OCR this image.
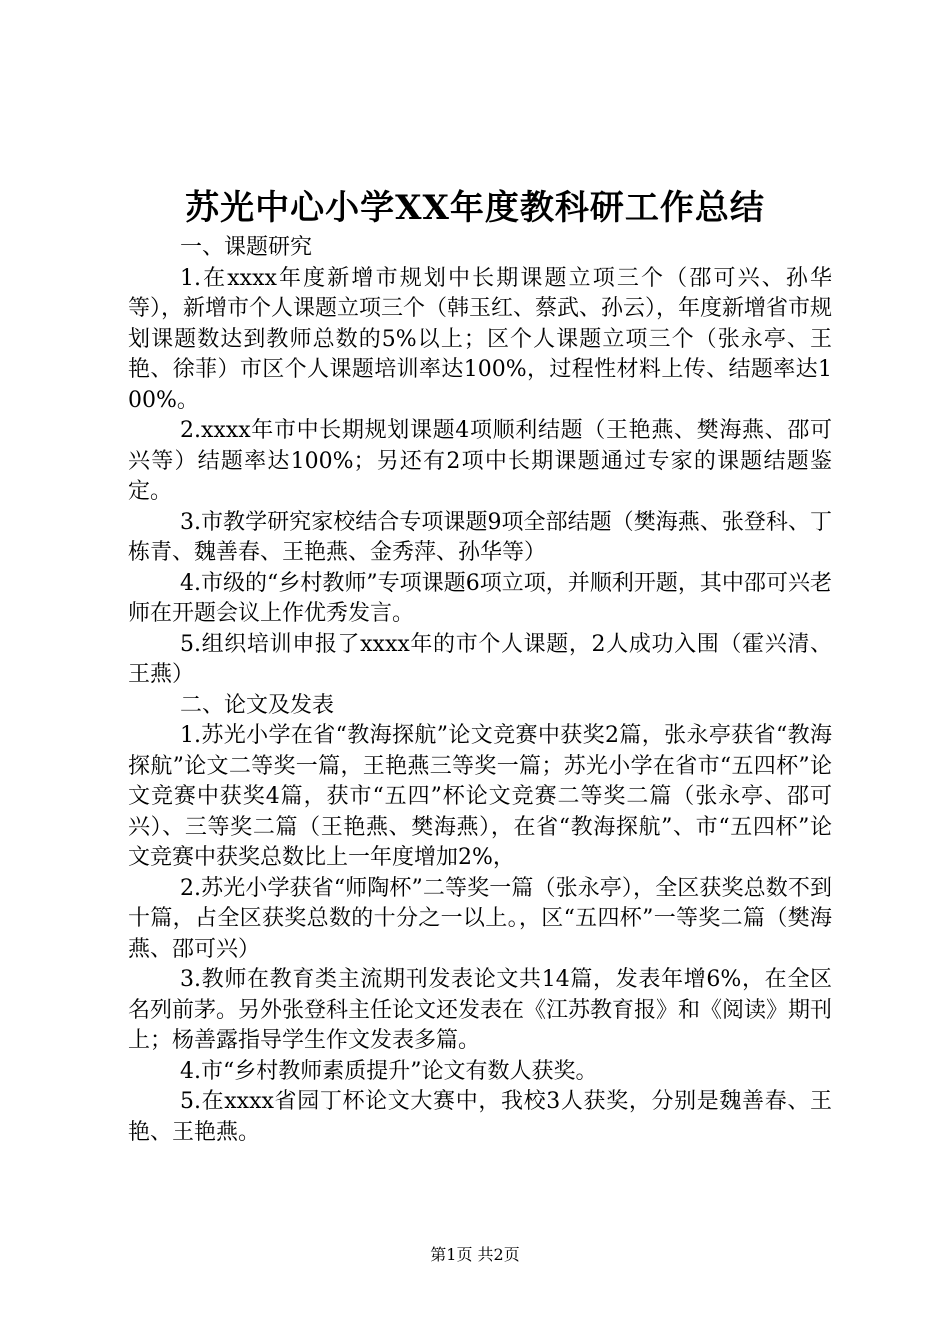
苏光中心小学XX年度教科研工作总结

一、课题研究

1.在xxxx年度新增市规划中长期课题立项三个（邵可兴、孙华等），新增市个人课题立项三个（韩玉红、蔡武、孙云），年度新增省市规划课题数达到教师总数的5%以上；区个人课题立项三个（张永亭、王艳、徐菲）市区个人课题培训率达100%，过程性材料上传、结题率达100%。

2.xxxx年市中长期规划课题4项顺利结题（王艳燕、樊海燕、邵可兴等）结题率达100%；另还有2项中长期课题通过专家的课题结题鉴定。

3.市教学研究家校结合专项课题9项全部结题（樊海燕、张登科、丁栋青、魏善春、王艳燕、金秀萍、孙华等）

4.市级的“乡村教师”专项课题6项立项，并顺利开题，其中邵可兴老师在开题会议上作优秀发言。

5.组织培训申报了xxxx年的市个人课题，2人成功入围（霍兴清、王燕）

二、论文及发表

1.苏光小学在省“教海探航”论文竞赛中获奖2篇，张永亭获省“教海探航”论文二等奖一篇，王艳燕三等奖一篇；苏光小学在省市“五四杯”论文竞赛中获奖4篇，获市“五四”杯论文竞赛二等奖二篇（张永亭、邵可兴）、三等奖二篇（王艳燕、樊海燕），在省“教海探航”、市“五四杯”论文竞赛中获奖总数比上一年度增加2%，

2.苏光小学获省“师陶杯”二等奖一篇（张永亭），全区获奖总数不到十篇，占全区获奖总数的十分之一以上。，区“五四杯”一等奖二篇（樊海燕、邵可兴）

3.教师在教育类主流期刊发表论文共14篇，发表年增6%，在全区名列前茅。另外张登科主任论文还发表在《江苏教育报》和《阅读》期刊上；杨善露指导学生作文发表多篇。

4.市“乡村教师素质提升”论文有数人获奖。

5.在xxxx省园丁杯论文大赛中，我校3人获奖，分别是魏善春、王艳、王艳燕。

第1页 共2页
